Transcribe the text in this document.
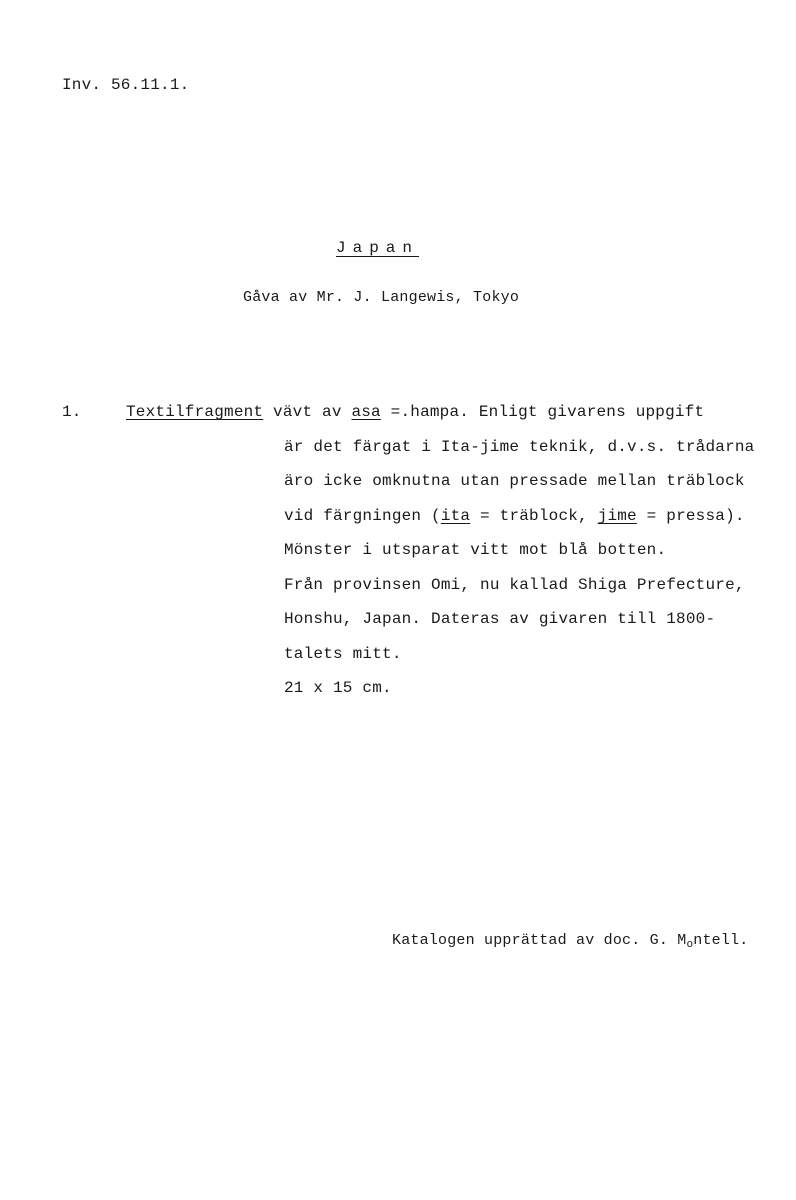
Inv. 56.11.1.
Japan
Gåva av Mr. J. Langewis, Tokyo
1.	Textilfragment vävt av asa =.hampa. Enligt givarens uppgift
är det färgat i Ita-jime teknik, d.v.s. trådarna
äro icke omknutna utan pressade mellan träblock
vid färgningen (ita = träblock, jime = pressa).
Mönster i utsparat vitt mot blå botten.
Från provinsen Omi, nu kallad Shiga Prefecture,
Honshu, Japan. Dateras av givaren till 1800-
talets mitt.
21 x 15 cm.
Katalogen upprättad av doc. G. $M_ontell$.
